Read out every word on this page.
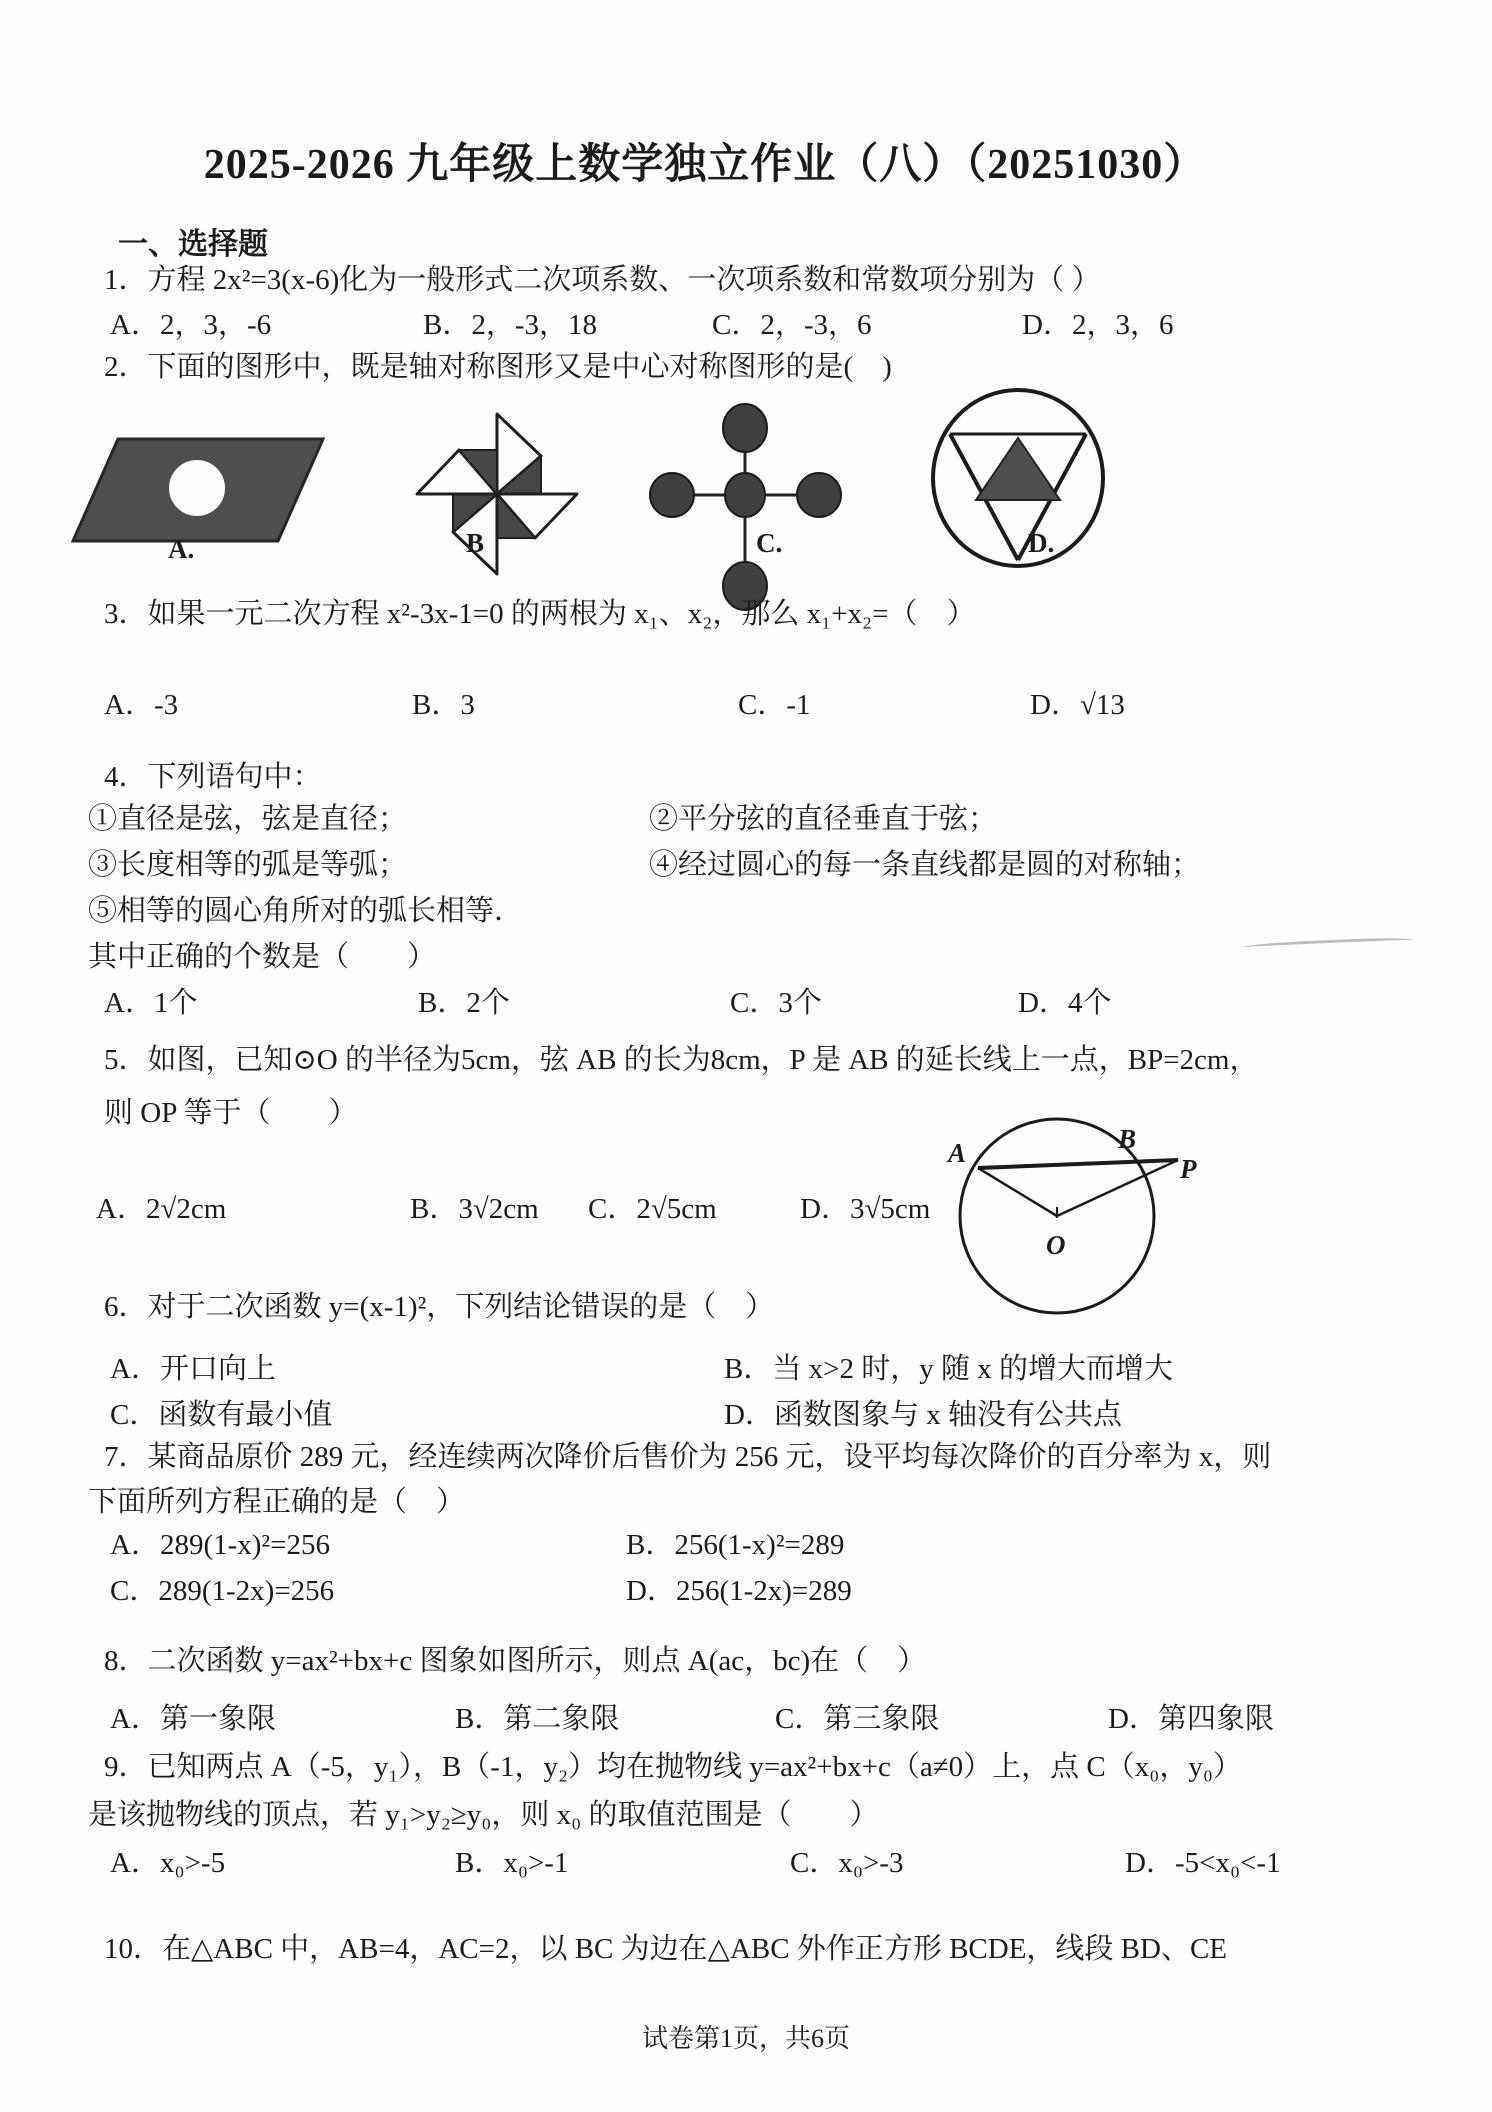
2025-2026 九年级上数学独立作业（八）（20251030）
一、选择题
1．方程 2x²=3(x-6)化为一般形式二次项系数、一次项系数和常数项分别为（ ）
A．2，3，-6	B．2，-3，18	C．2，-3，6	D．2，3，6
2．下面的图形中，既是轴对称图形又是中心对称图形的是(　)
A.	B	C.	D.
3．如果一元二次方程 x²-3x-1=0 的两根为 x₁、x₂，那么 x₁+x₂=（　）
A．-3	B．3	C．-1	D．√13
4．下列语句中：
①直径是弦，弦是直径；	②平分弦的直径垂直于弦；
③长度相等的弧是等弧；	④经过圆心的每一条直线都是圆的对称轴；
⑤相等的圆心角所对的弧长相等．
其中正确的个数是（　　）
A．1个	B．2个	C．3个	D．4个
5．如图，已知⊙O 的半径为5cm，弦 AB 的长为8cm，P 是 AB 的延长线上一点，BP=2cm，
则 OP 等于（　　）
A．2√2cm	B．3√2cm C．2√5cm	D．3√5cm
A	B
P
O
6．对于二次函数 y=(x-1)²，下列结论错误的是（　）
A．开口向上	B．当 x>2 时，y 随 x 的增大而增大
C．函数有最小值	D．函数图象与 x 轴没有公共点
7．某商品原价 289 元，经连续两次降价后售价为 256 元，设平均每次降价的百分率为 x，则
下面所列方程正确的是（　）
A．289(1-x)²=256	B．256(1-x)²=289
C．289(1-2x)=256	D．256(1-2x)=289
8．二次函数 y=ax²+bx+c 图象如图所示，则点 A(ac，bc)在（　）
A．第一象限	B．第二象限	C．第三象限	D．第四象限
9．已知两点 A（-5，y₁），B（-1，y₂）均在抛物线 y=ax²+bx+c（a≠0）上，点 C（x₀，y₀）
是该抛物线的顶点，若 y₁>y₂≥y₀，则 x₀ 的取值范围是（　　）
A．x₀>-5	B．x₀>-1	C．x₀>-3	D．-5<x₀<-1
10．在△ABC 中，AB=4，AC=2，以 BC 为边在△ABC 外作正方形 BCDE，线段 BD、CE
试卷第1页，共6页
